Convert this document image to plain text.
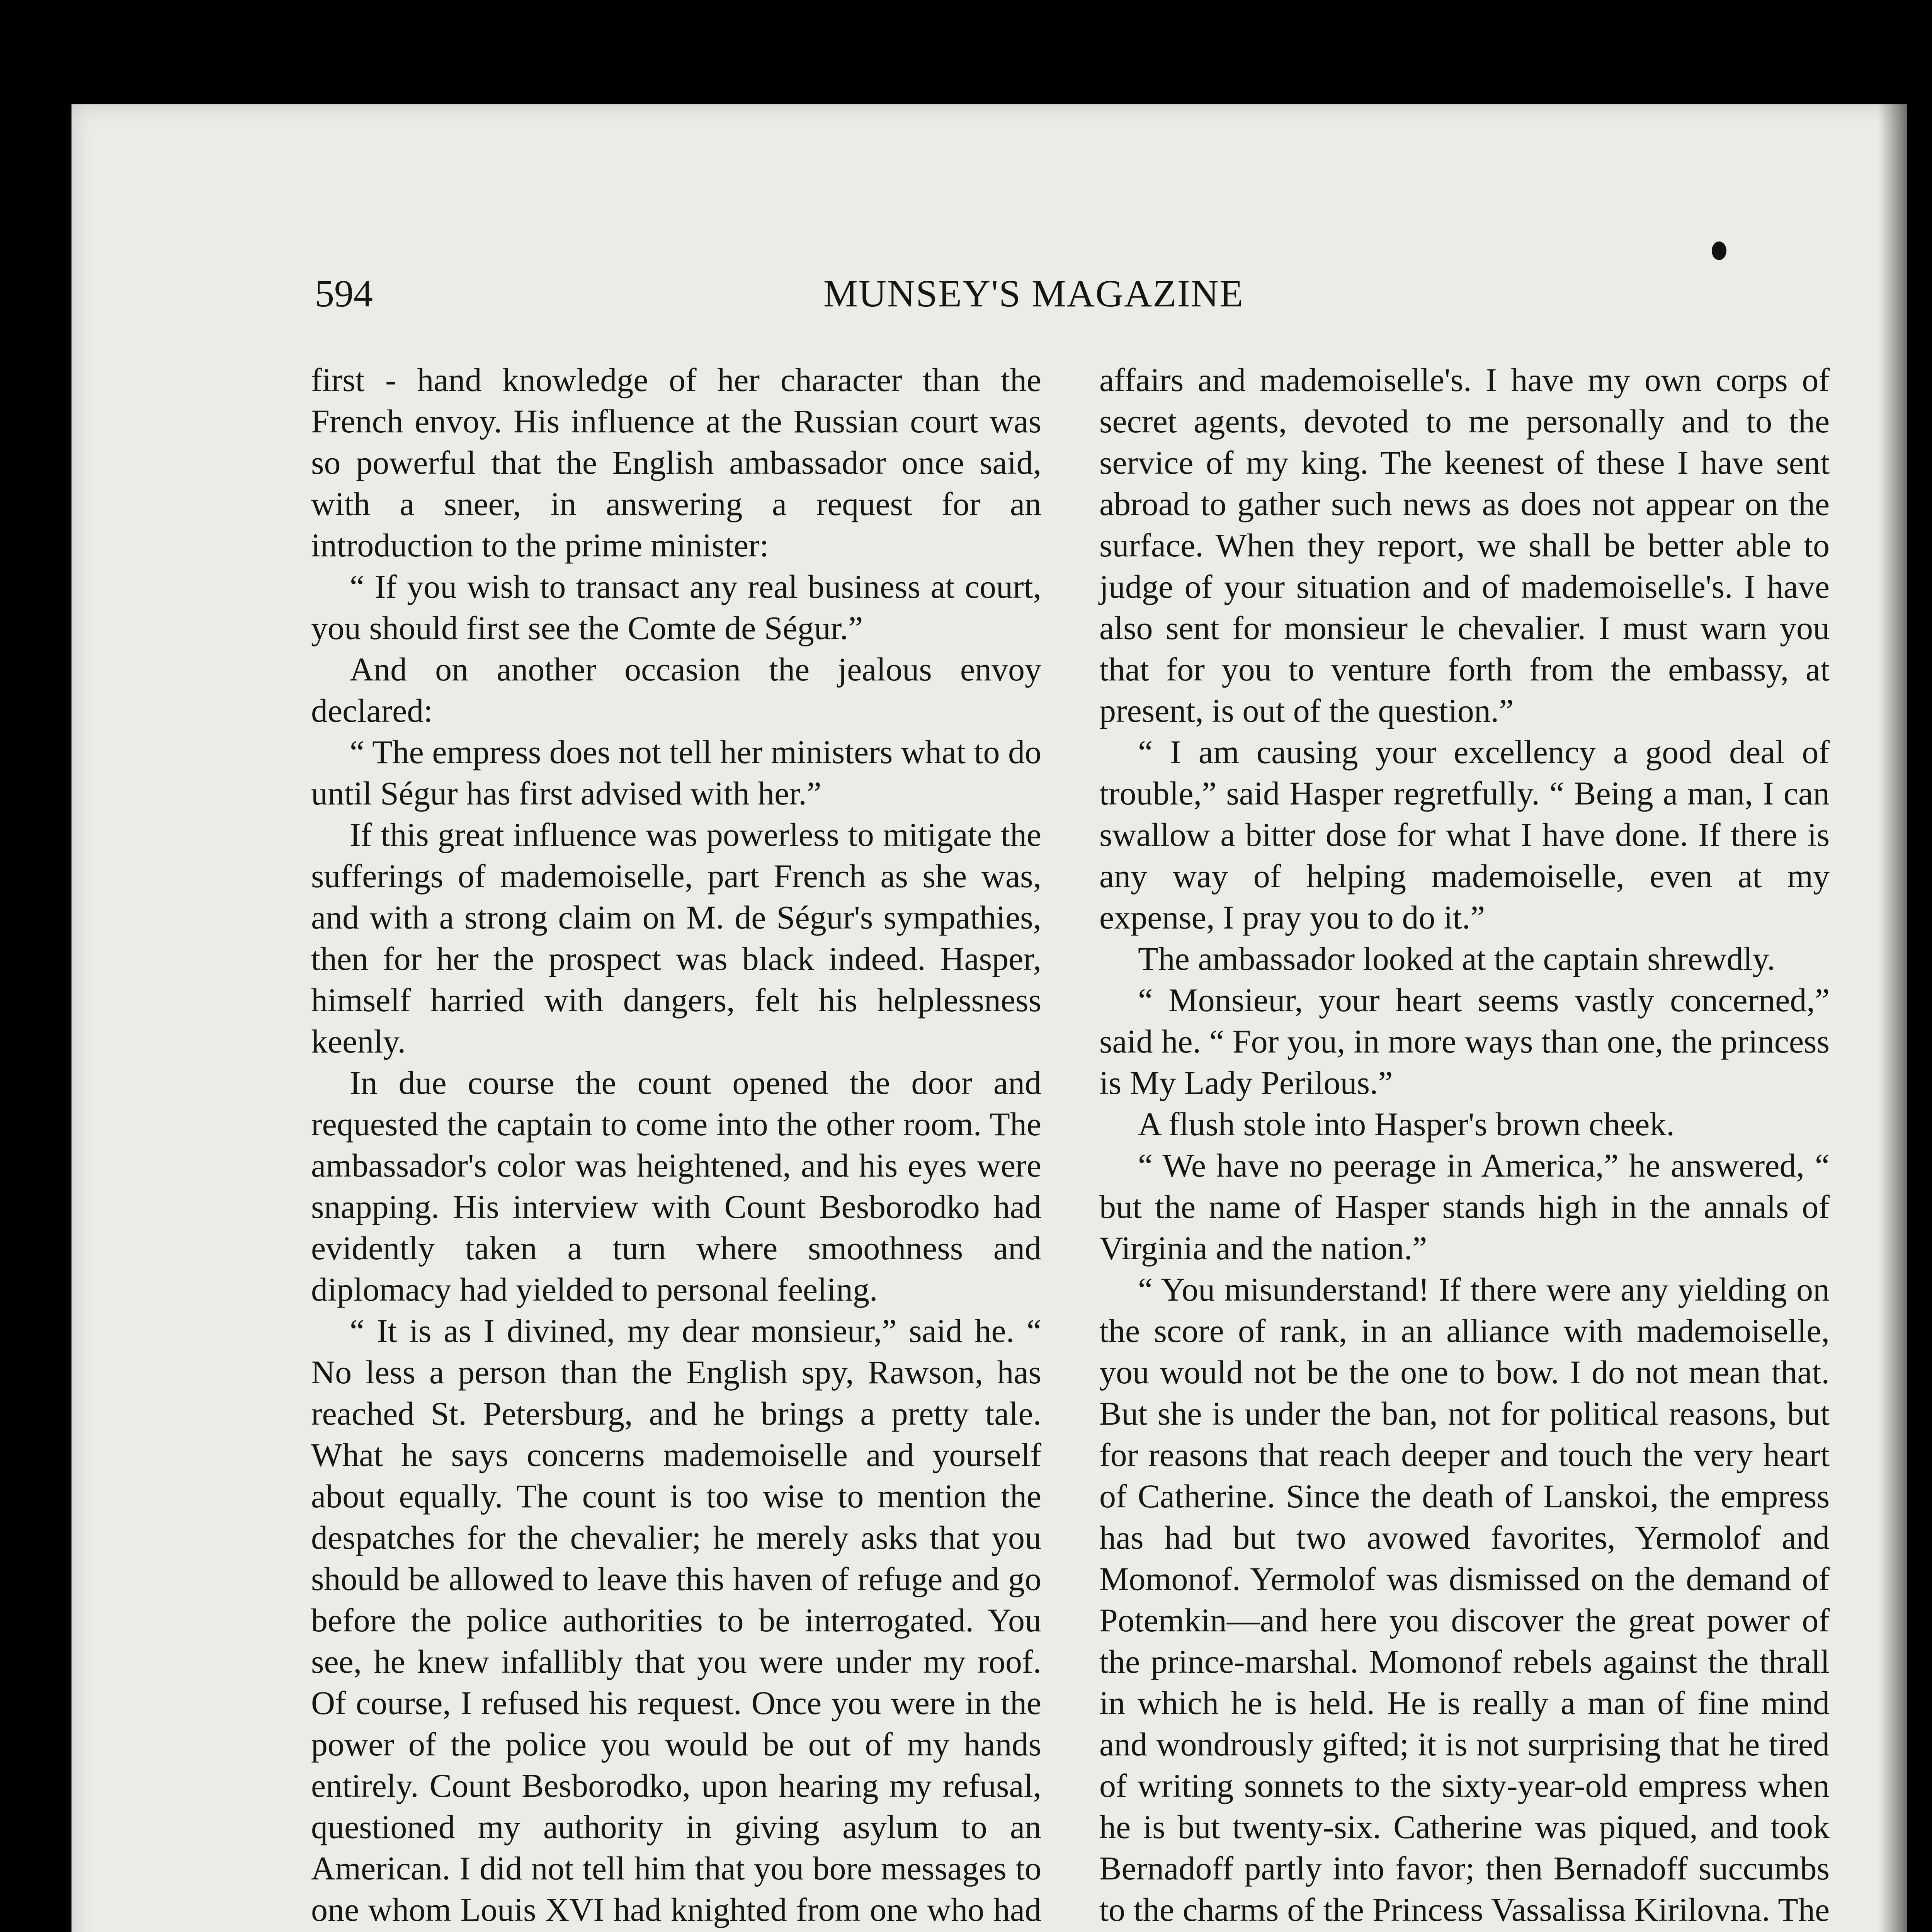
594	MUNSEY'S MAGAZINE

first - hand knowledge of her character than the French envoy. His influence at the Russian court was so powerful that the English ambassador once said, with a sneer, in answering a request for an introduction to the prime minister:

“ If you wish to transact any real business at court, you should first see the Comte de Ségur.”

And on another occasion the jealous envoy declared:

“ The empress does not tell her ministers what to do until Ségur has first advised with her.”

If this great influence was powerless to mitigate the sufferings of mademoiselle, part French as she was, and with a strong claim on M. de Ségur's sympathies, then for her the prospect was black indeed. Hasper, himself harried with dangers, felt his helplessness keenly.

In due course the count opened the door and requested the captain to come into the other room. The ambassador's color was heightened, and his eyes were snapping. His interview with Count Besborodko had evidently taken a turn where smoothness and diplomacy had yielded to personal feeling.

“ It is as I divined, my dear monsieur,” said he. “ No less a person than the English spy, Rawson, has reached St. Petersburg, and he brings a pretty tale. What he says concerns mademoiselle and yourself about equally. The count is too wise to mention the despatches for the chevalier; he merely asks that you should be allowed to leave this haven of refuge and go before the police authorities to be interrogated. You see, he knew infallibly that you were under my roof. Of course, I refused his request. Once you were in the power of the police you would be out of my hands entirely. Count Besborodko, upon hearing my refusal, questioned my authority in giving asylum to an American. I did not tell him that you bore messages to one whom Louis XVI had knighted from one who had

affairs and mademoiselle's. I have my own corps of secret agents, devoted to me personally and to the service of my king. The keenest of these I have sent abroad to gather such news as does not appear on the surface. When they report, we shall be better able to judge of your situation and of mademoiselle's. I have also sent for monsieur le chevalier. I must warn you that for you to venture forth from the embassy, at present, is out of the question.”

“ I am causing your excellency a good deal of trouble,” said Hasper regretfully. “ Being a man, I can swallow a bitter dose for what I have done. If there is any way of helping mademoiselle, even at my expense, I pray you to do it.”

The ambassador looked at the captain shrewdly.

“ Monsieur, your heart seems vastly concerned,” said he. “ For you, in more ways than one, the princess is My Lady Perilous.”

A flush stole into Hasper's brown cheek.

“ We have no peerage in America,” he answered, “ but the name of Hasper stands high in the annals of Virginia and the nation.”

“ You misunderstand! If there were any yielding on the score of rank, in an alliance with mademoiselle, you would not be the one to bow. I do not mean that. But she is under the ban, not for political reasons, but for reasons that reach deeper and touch the very heart of Catherine. Since the death of Lanskoi, the empress has had but two avowed favorites, Yermolof and Momonof. Yermolof was dismissed on the demand of Potemkin—and here you discover the great power of the prince-marshal. Momonof rebels against the thrall in which he is held. He is really a man of fine mind and wondrously gifted; it is not surprising that he tired of writing sonnets to the sixty-year-old empress when he is but twenty-six. Catherine was piqued, and took Bernadoff partly into favor; then Bernadoff succumbs to the charms of the Princess Vassalissa Kirilovna. The
